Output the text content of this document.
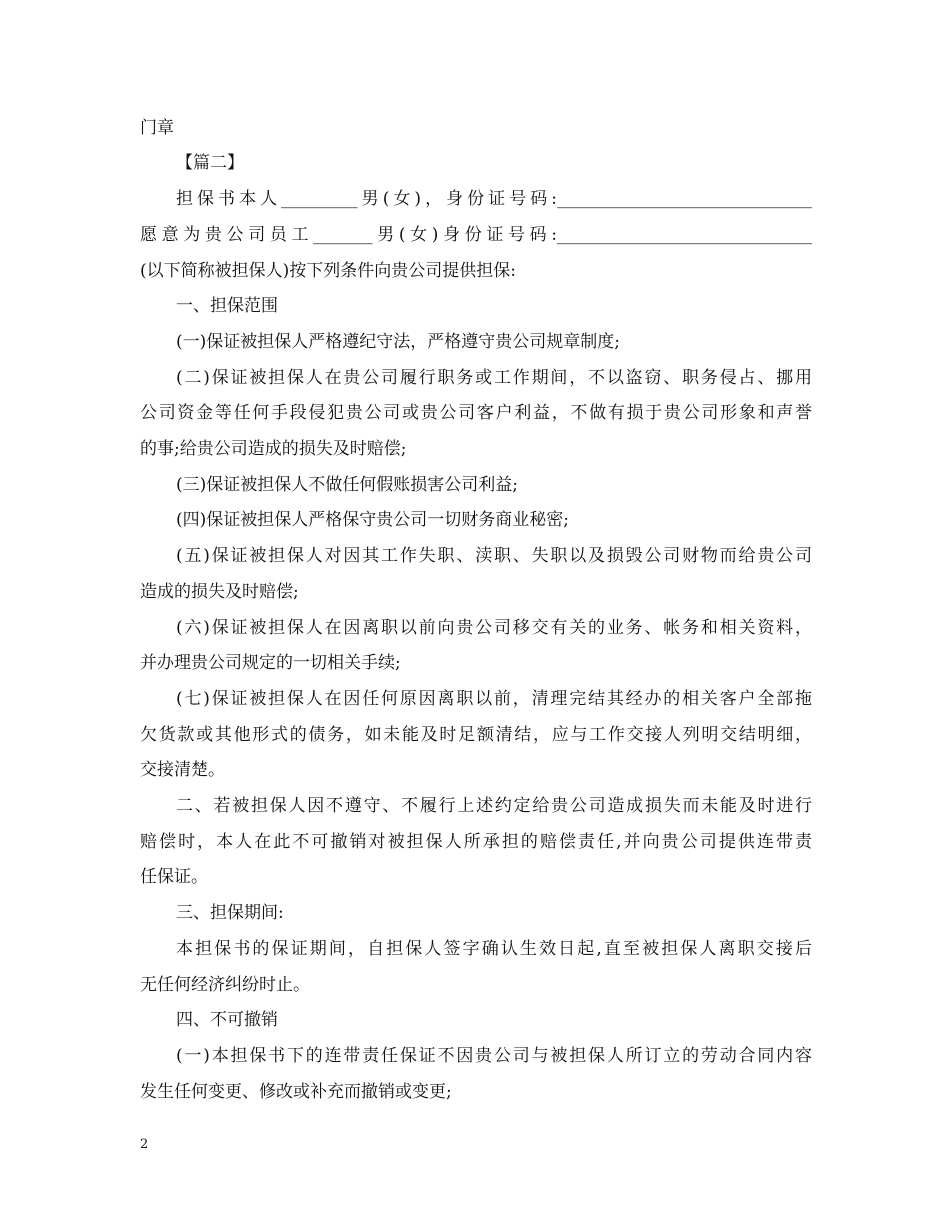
门章
【篇二】
担保书本人_________男(女)，身份证号码:______________________________
愿意为贵公司员工_______男(女)身份证号码:______________________________
(以下简称被担保人)按下列条件向贵公司提供担保:
一、担保范围
(一)保证被担保人严格遵纪守法，严格遵守贵公司规章制度;
(二)保证被担保人在贵公司履行职务或工作期间，不以盗窃、职务侵占、挪用
公司资金等任何手段侵犯贵公司或贵公司客户利益，不做有损于贵公司形象和声誉
的事;给贵公司造成的损失及时赔偿;
(三)保证被担保人不做任何假账损害公司利益;
(四)保证被担保人严格保守贵公司一切财务商业秘密;
(五)保证被担保人对因其工作失职、渎职、失职以及损毁公司财物而给贵公司
造成的损失及时赔偿;
(六)保证被担保人在因离职以前向贵公司移交有关的业务、帐务和相关资料，
并办理贵公司规定的一切相关手续;
(七)保证被担保人在因任何原因离职以前，清理完结其经办的相关客户全部拖
欠货款或其他形式的债务，如未能及时足额清结，应与工作交接人列明交结明细，
交接清楚。
二、若被担保人因不遵守、不履行上述约定给贵公司造成损失而未能及时进行
赔偿时，本人在此不可撤销对被担保人所承担的赔偿责任,并向贵公司提供连带责
任保证。
三、担保期间:
本担保书的保证期间，自担保人签字确认生效日起,直至被担保人离职交接后
无任何经济纠纷时止。
四、不可撤销
(一)本担保书下的连带责任保证不因贵公司与被担保人所订立的劳动合同内容
发生任何变更、修改或补充而撤销或变更;
2
